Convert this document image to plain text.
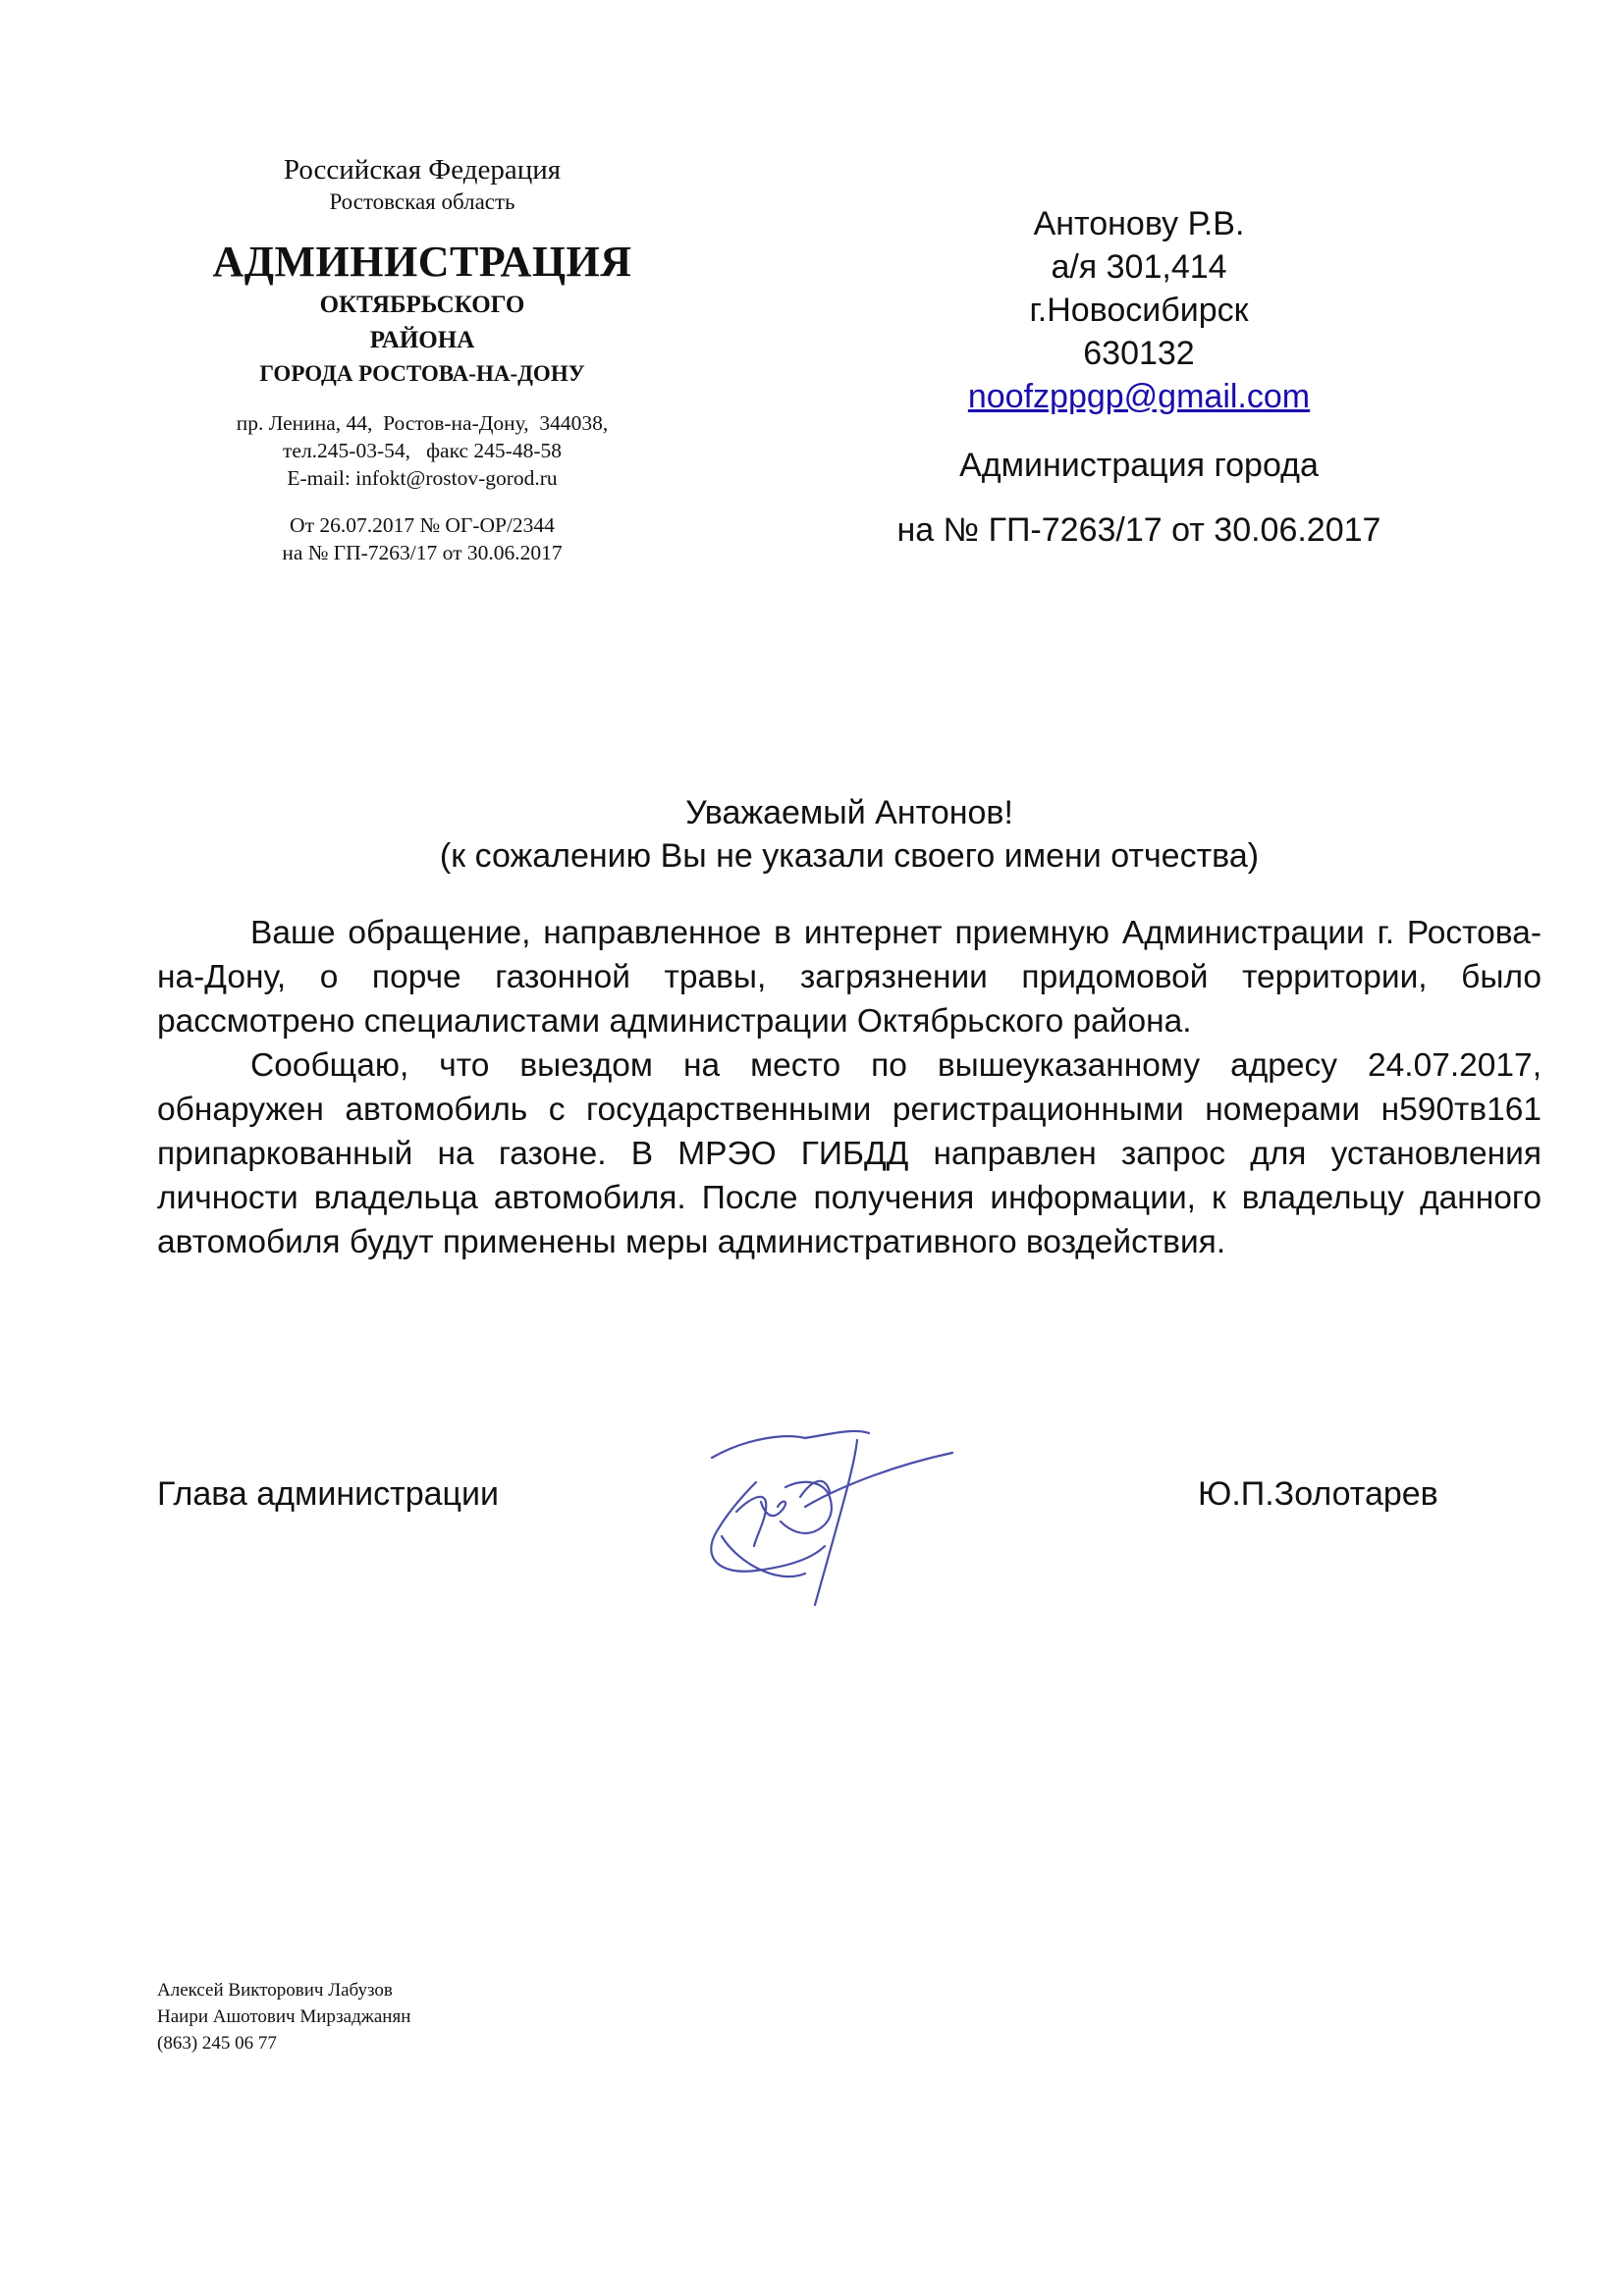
Российская Федерация
Ростовская область
АДМИНИСТРАЦИЯ
ОКТЯБРЬСКОГО
РАЙОНА
ГОРОДА РОСТОВА-НА-ДОНУ
пр. Ленина, 44,  Ростов-на-Дону,  344038,
тел.245-03-54,   факс 245-48-58
E-mail: infokt@rostov-gorod.ru
От 26.07.2017 № ОГ-ОР/2344
на № ГП-7263/17 от 30.06.2017
Антонову Р.В.
а/я 301,414
г.Новосибирск
630132
noofzppgp@gmail.com
Администрация города
на № ГП-7263/17 от 30.06.2017
Уважаемый Антонов!
(к сожалению Вы не указали своего имени отчества)

Ваше обращение, направленное в интернет приемную Администрации г. Ростова-на-Дону, о порче газонной травы, загрязнении придомовой территории, было рассмотрено специалистами администрации Октябрьского района.

Сообщаю, что выездом на место по вышеуказанному адресу 24.07.2017, обнаружен автомобиль с государственными регистрационными номерами н590тв161 припаркованный на газоне. В МРЭО ГИБДД направлен запрос для установления личности владельца автомобиля. После получения информации, к владельцу данного автомобиля будут применены меры административного воздействия.

Глава администрации	Ю.П.Золотарев
Алексей Викторович Лабузов
Наири Ашотович Мирзаджанян
(863) 245 06 77
